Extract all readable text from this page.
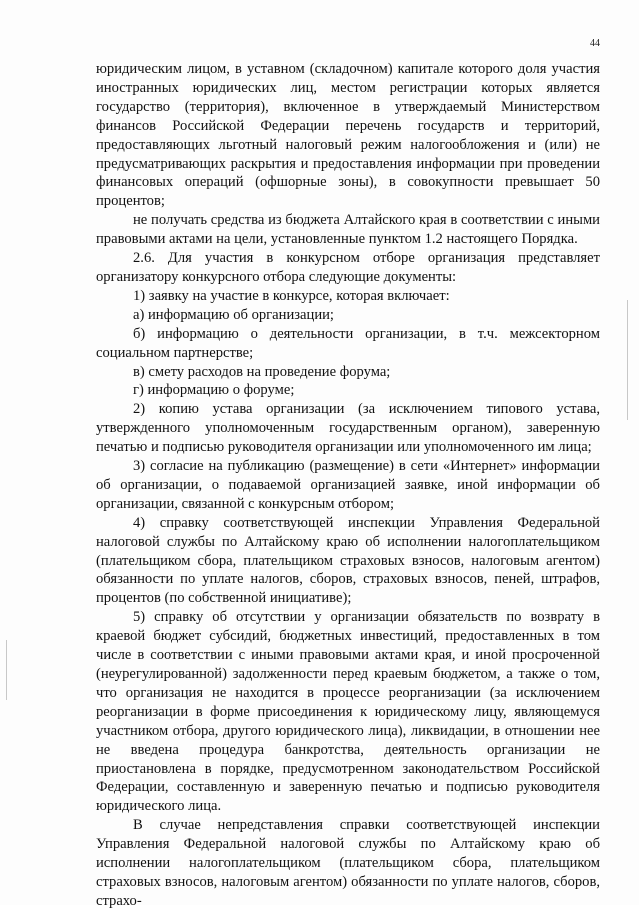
44

юридическим лицом, в уставном (складочном) капитале которого доля участия иностранных юридических лиц, местом регистрации которых является государство (территория), включенное в утверждаемый Министерством финансов Российской Федерации перечень государств и территорий, предоставляющих льготный налоговый режим налогообложения и (или) не предусматривающих раскрытия и предоставления информации при проведении финансовых операций (офшорные зоны), в совокупности превышает 50 процентов;

не получать средства из бюджета Алтайского края в соответствии с иными правовыми актами на цели, установленные пунктом 1.2 настоящего Порядка.

2.6. Для участия в конкурсном отборе организация представляет организатору конкурсного отбора следующие документы:

1) заявку на участие в конкурсе, которая включает:

а) информацию об организации;

б) информацию о деятельности организации, в т.ч. межсекторном социальном партнерстве;

в) смету расходов на проведение форума;

г) информацию о форуме;

2) копию устава организации (за исключением типового устава, утвержденного уполномоченным государственным органом), заверенную печатью и подписью руководителя организации или уполномоченного им лица;

3) согласие на публикацию (размещение) в сети «Интернет» информации об организации, о подаваемой организацией заявке, иной информации об организации, связанной с конкурсным отбором;

4) справку соответствующей инспекции Управления Федеральной налоговой службы по Алтайскому краю об исполнении налогоплательщиком (плательщиком сбора, плательщиком страховых взносов, налоговым агентом) обязанности по уплате налогов, сборов, страховых взносов, пеней, штрафов, процентов (по собственной инициативе);

5) справку об отсутствии у организации обязательств по возврату в краевой бюджет субсидий, бюджетных инвестиций, предоставленных в том числе в соответствии с иными правовыми актами края, и иной просроченной (неурегулированной) задолженности перед краевым бюджетом, а также о том, что организация не находится в процессе реорганизации (за исключением реорганизации в форме присоединения к юридическому лицу, являющемуся участником отбора, другого юридического лица), ликвидации, в отношении нее не введена процедура банкротства, деятельность организации не приостановлена в порядке, предусмотренном законодательством Российской Федерации, составленную и заверенную печатью и подписью руководителя юридического лица.

В случае непредставления справки соответствующей инспекции Управления Федеральной налоговой службы по Алтайскому краю об исполнении налогоплательщиком (плательщиком сбора, плательщиком страховых взносов, налоговым агентом) обязанности по уплате налогов, сборов, страхо-
